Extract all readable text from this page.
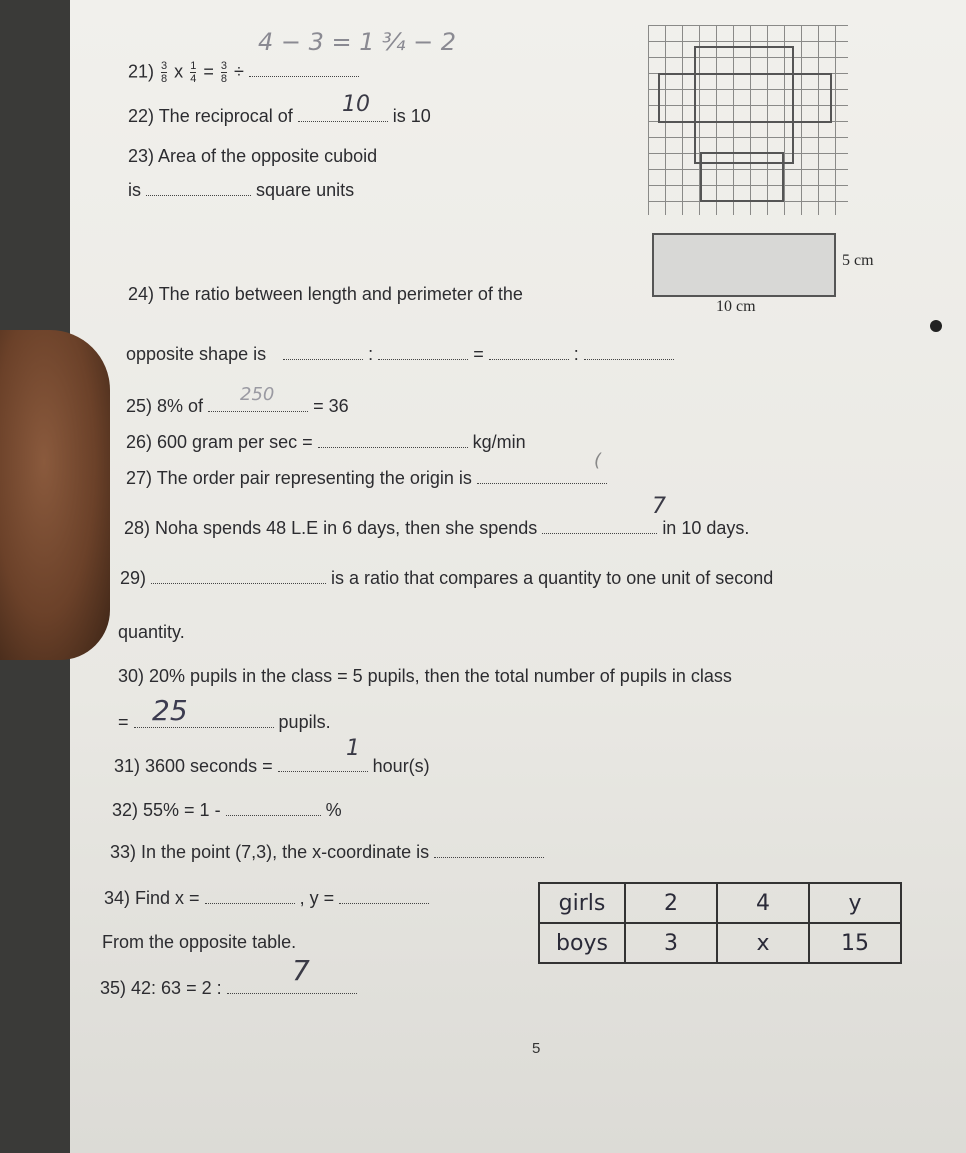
$21) \frac{3}{8}$ x $\frac{1}{4} = \frac{3}{8}$ ÷
4 − 3 = 1 ¾ − 2
22) The reciprocal of	is 10
10
23) Area of the opposite cuboid
is	square units
5 cm
10 cm
24) The ratio between length and perimeter of the
opposite shape is	:	=	:
25) 8% of	= 36
250
26) 600 gram per sec =	kg/min
27) The order pair representing the origin is
(
28) Noha spends 48 L.E in 6 days, then she spends	in 10 days.
7
29)	is a ratio that compares a quantity to one unit of second
quantity.
30) 20% pupils in the class = 5 pupils, then the total number of pupils in class
=	pupils.
25
31) 3600 seconds =	hour(s)
1
32) 55% = 1 -	%
33) In the point (7,3), the x-coordinate is
34) Find x =	, y =
From the opposite table.
girls	2	4	y
boys	3	x	15
35) 42: 63 = 2 :
7
5
